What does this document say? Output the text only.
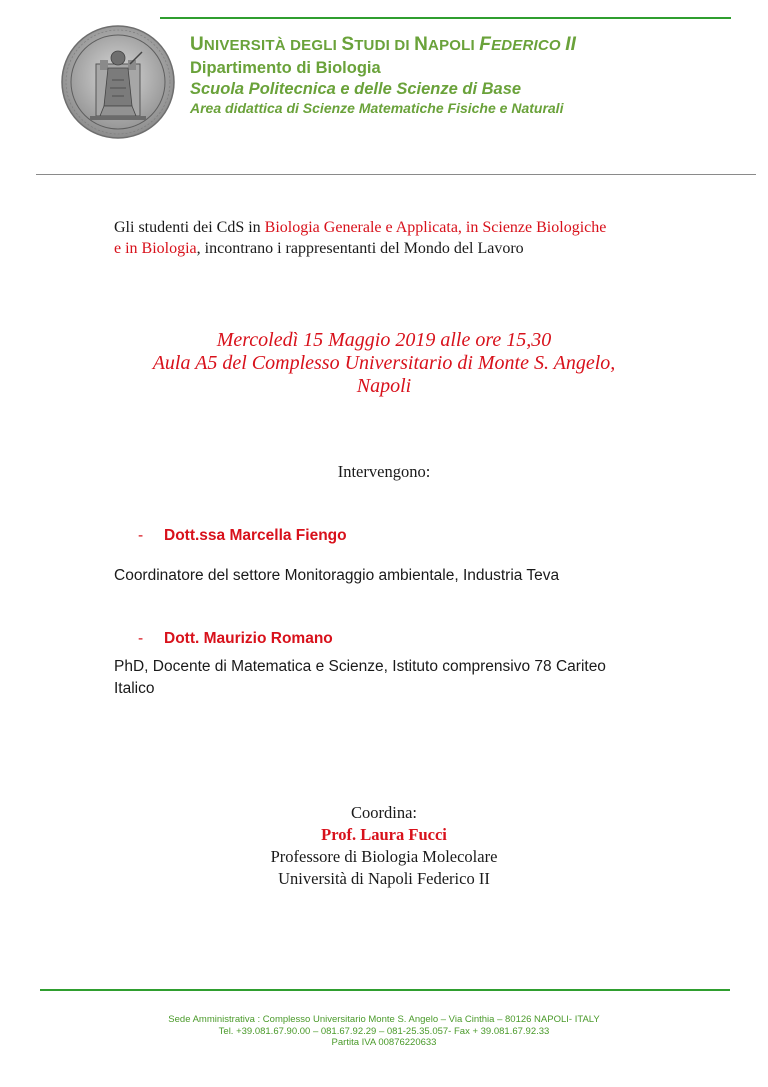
UNIVERSITÀ DEGLI STUDI DI NAPOLI FEDERICO II
Dipartimento di Biologia
Scuola Politecnica e delle Scienze di Base
Area didattica di Scienze Matematiche Fisiche e Naturali
Gli studenti dei CdS in Biologia Generale e Applicata, in Scienze Biologiche
e in Biologia, incontrano i rappresentanti del Mondo del Lavoro
Mercoledì 15 Maggio 2019 alle ore 15,30
Aula A5 del Complesso Universitario di Monte S. Angelo,
Napoli
Intervengono:
- Dott.ssa Marcella Fiengo
Coordinatore del settore Monitoraggio ambientale, Industria Teva
- Dott. Maurizio Romano
PhD, Docente di Matematica e Scienze, Istituto comprensivo 78 Cariteo
Italico
Coordina:
Prof. Laura Fucci
Professore di Biologia Molecolare
Università di Napoli Federico II
Sede Amministrativa : Complesso Universitario Monte S. Angelo – Via Cinthia – 80126 NAPOLI- ITALY
Tel. +39.081.67.90.00 – 081.67.92.29 – 081-25.35.057- Fax + 39.081.67.92.33
Partita IVA 00876220633
